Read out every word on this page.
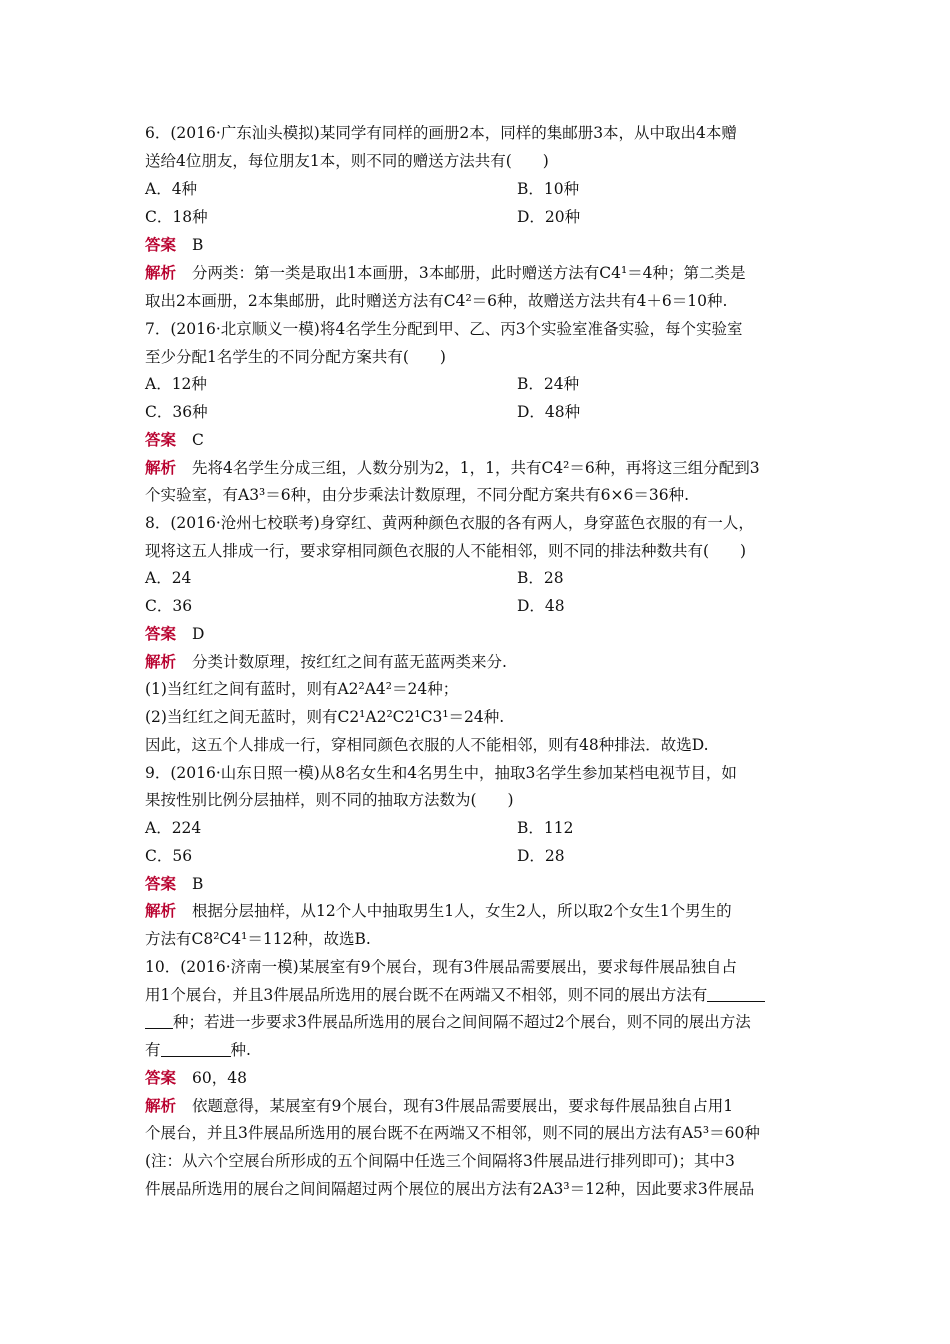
6．(2016·广东汕头模拟)某同学有同样的画册2本，同样的集邮册3本，从中取出4本赠
送给4位朋友，每位朋友1本，则不同的赠送方法共有(　　)
A．4种	B．10种
C．18种	D．20种
答案 B
解析 分两类：第一类是取出1本画册，3本邮册，此时赠送方法有C4¹＝4种；第二类是
取出2本画册，2本集邮册，此时赠送方法有C4²＝6种，故赠送方法共有4＋6＝10种.
7．(2016·北京顺义一模)将4名学生分配到甲、乙、丙3个实验室准备实验，每个实验室
至少分配1名学生的不同分配方案共有(　　)
A．12种	B．24种
C．36种	D．48种
答案 C
解析 先将4名学生分成三组，人数分别为2，1，1，共有C4²＝6种，再将这三组分配到3
个实验室，有A3³＝6种，由分步乘法计数原理，不同分配方案共有6×6＝36种.
8．(2016·沧州七校联考)身穿红、黄两种颜色衣服的各有两人，身穿蓝色衣服的有一人，
现将这五人排成一行，要求穿相同颜色衣服的人不能相邻，则不同的排法种数共有(　　)
A．24	B．28
C．36	D．48
答案 D
解析 分类计数原理，按红红之间有蓝无蓝两类来分.
(1)当红红之间有蓝时，则有A2²A4²＝24种；
(2)当红红之间无蓝时，则有C2¹A2²C2¹C3¹＝24种.
因此，这五个人排成一行，穿相同颜色衣服的人不能相邻，则有48种排法．故选D.
9．(2016·山东日照一模)从8名女生和4名男生中，抽取3名学生参加某档电视节目，如
果按性别比例分层抽样，则不同的抽取方法数为(　　)
A．224	B．112
C．56	D．28
答案 B
解析 根据分层抽样，从12个人中抽取男生1人，女生2人，所以取2个女生1个男生的
方法有C8²C4¹＝112种，故选B.
10．(2016·济南一模)某展室有9个展台，现有3件展品需要展出，要求每件展品独自占
用1个展台，并且3件展品所选用的展台既不在两端又不相邻，则不同的展出方法有
种；若进一步要求3件展品所选用的展台之间间隔不超过2个展台，则不同的展出方法
有	种.
答案 60，48
解析 依题意得，某展室有9个展台，现有3件展品需要展出，要求每件展品独自占用1
个展台，并且3件展品所选用的展台既不在两端又不相邻，则不同的展出方法有A5³＝60种
(注：从六个空展台所形成的五个间隔中任选三个间隔将3件展品进行排列即可)；其中3
件展品所选用的展台之间间隔超过两个展位的展出方法有2A3³＝12种，因此要求3件展品
